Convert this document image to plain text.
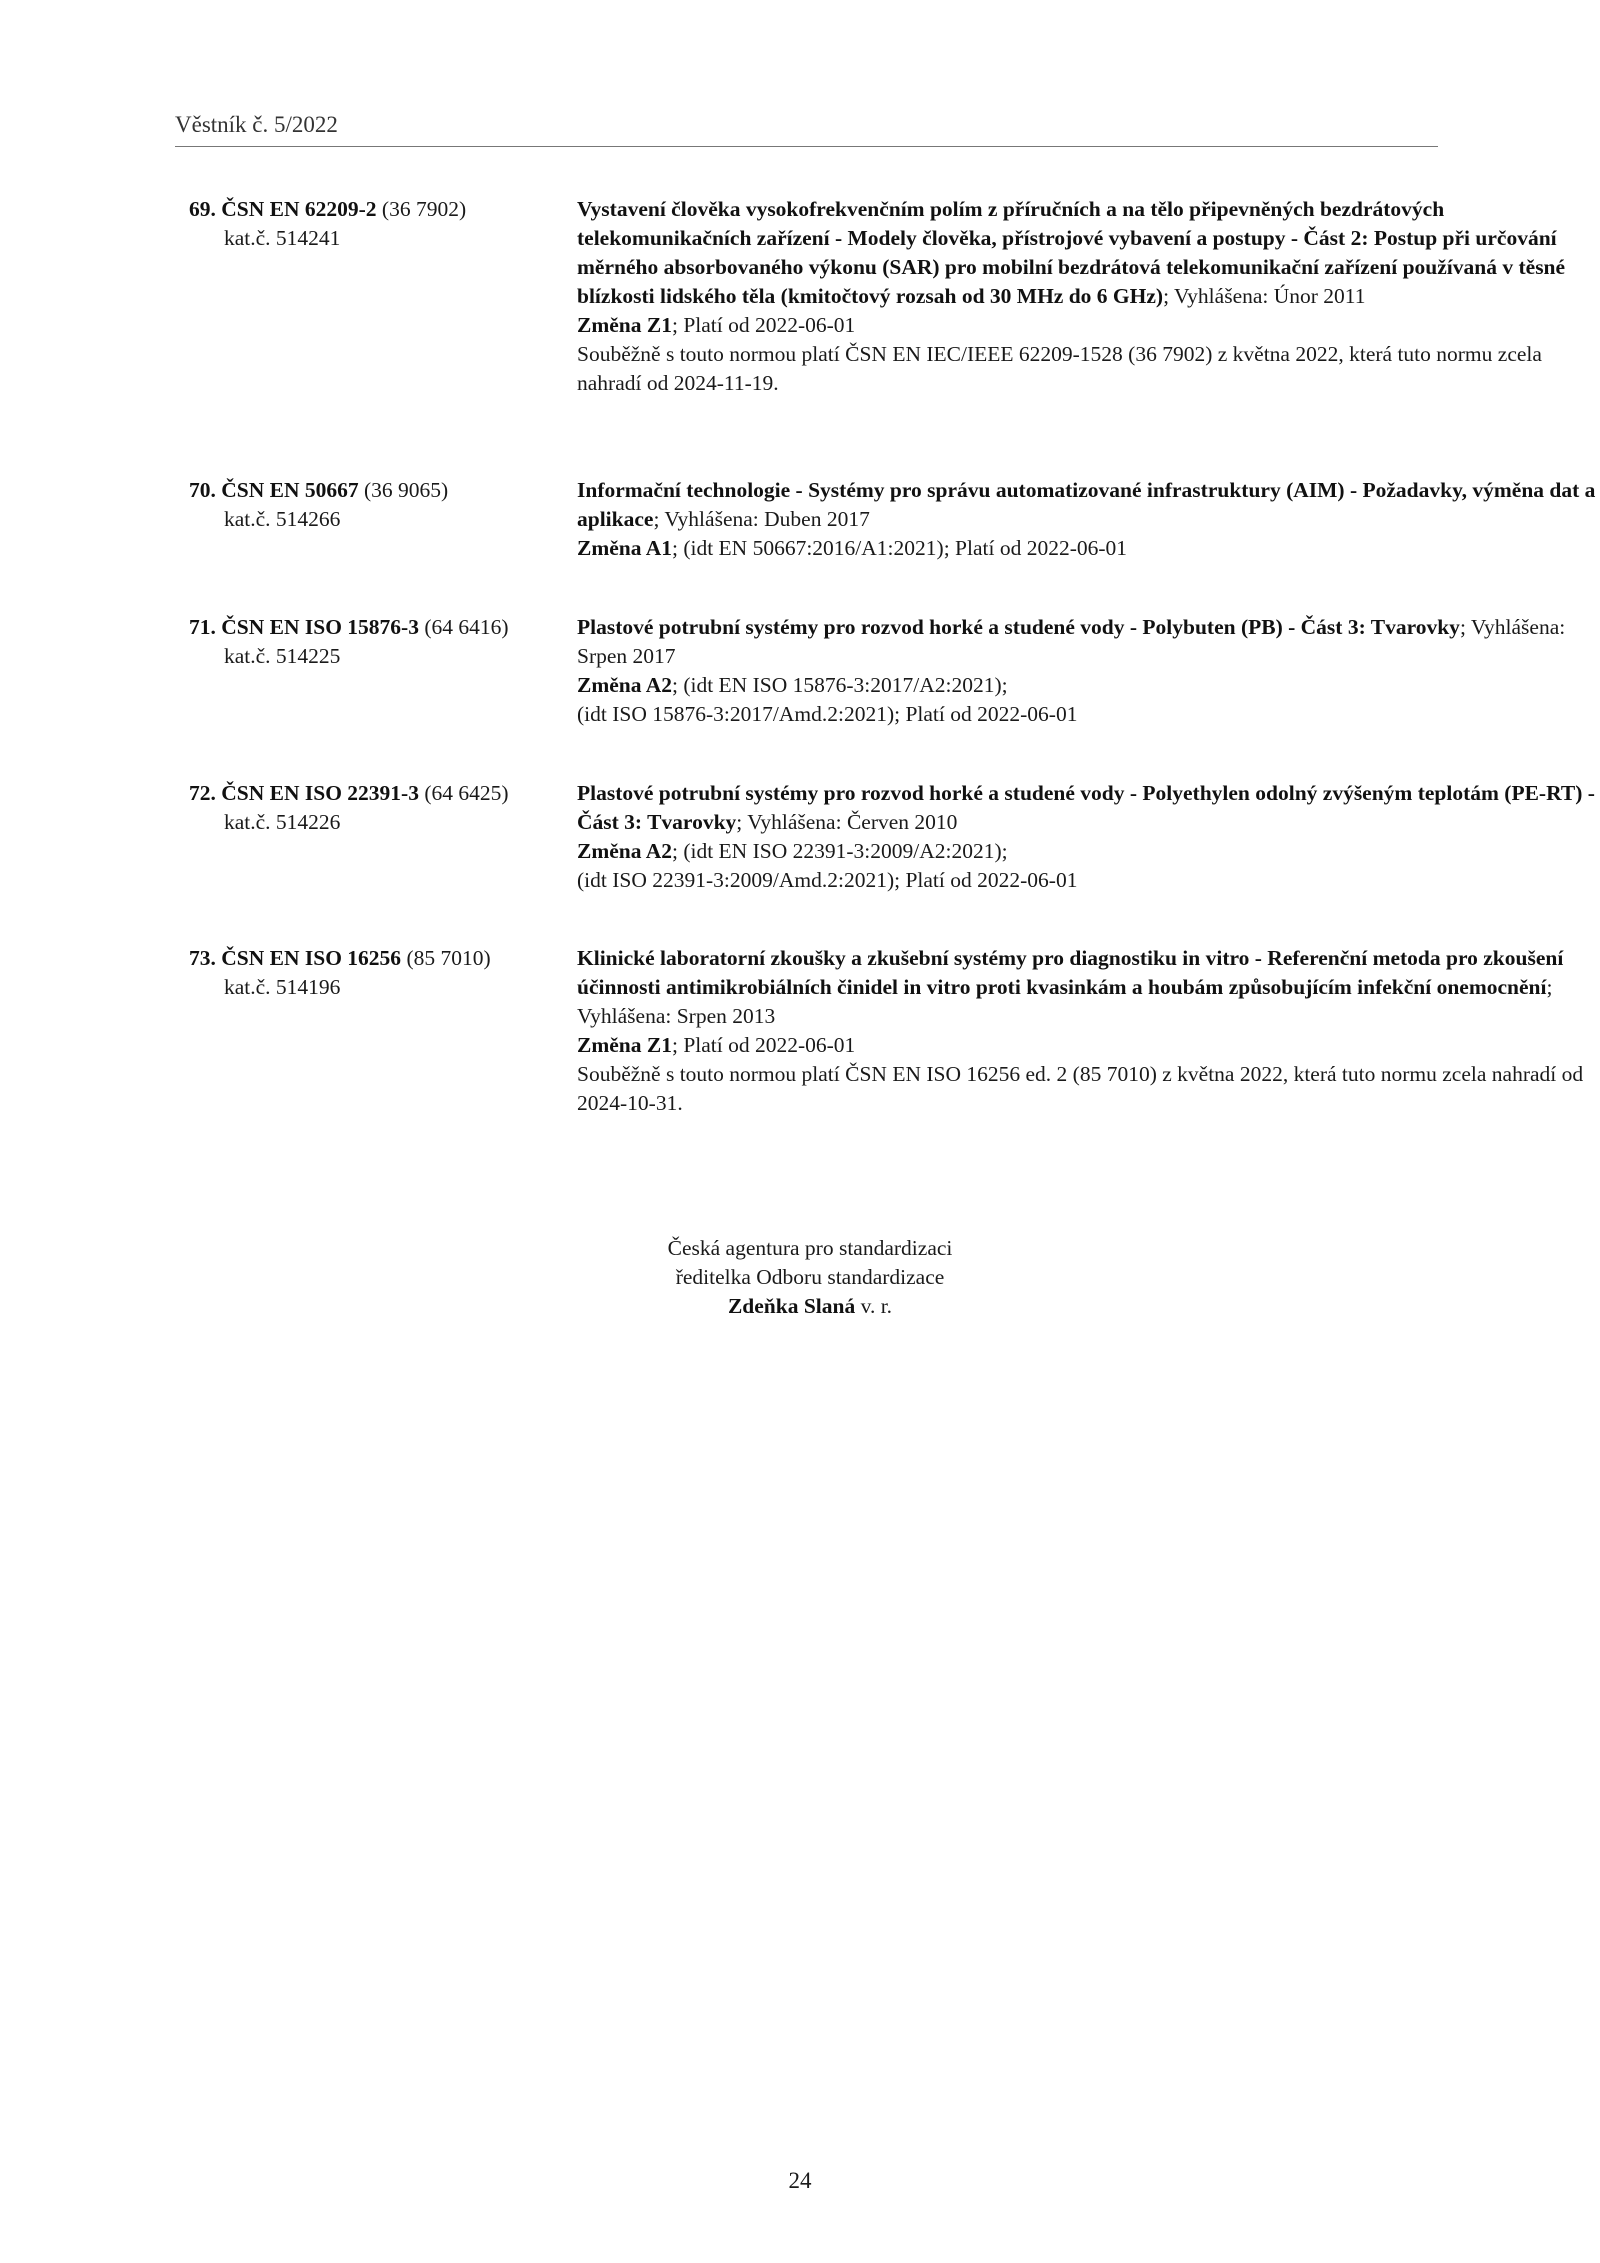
Věstník č. 5/2022
69. ČSN EN 62209-2 (36 7902)
kat.č. 514241
Vystavení člověka vysokofrekvenčním polím z příručních a na tělo připevněných bezdrátových telekomunikačních zařízení - Modely člověka, přístrojové vybavení a postupy - Část 2: Postup při určování měrného absorbovaného výkonu (SAR) pro mobilní bezdrátová telekomunikační zařízení používaná v těsné blízkosti lidského těla (kmitočtový rozsah od 30 MHz do 6 GHz); Vyhlášena: Únor 2011
Změna Z1; Platí od 2022-06-01
Souběžně s touto normou platí ČSN EN IEC/IEEE 62209-1528 (36 7902) z května 2022, která tuto normu zcela nahradí od 2024-11-19.
70. ČSN EN 50667 (36 9065)
kat.č. 514266
Informační technologie - Systémy pro správu automatizované infrastruktury (AIM) - Požadavky, výměna dat a aplikace; Vyhlášena: Duben 2017
Změna A1; (idt EN 50667:2016/A1:2021); Platí od 2022-06-01
71. ČSN EN ISO 15876-3 (64 6416)
kat.č. 514225
Plastové potrubní systémy pro rozvod horké a studené vody - Polybuten (PB) - Část 3: Tvarovky; Vyhlášena: Srpen 2017
Změna A2; (idt EN ISO 15876-3:2017/A2:2021);
(idt ISO 15876-3:2017/Amd.2:2021); Platí od 2022-06-01
72. ČSN EN ISO 22391-3 (64 6425)
kat.č. 514226
Plastové potrubní systémy pro rozvod horké a studené vody - Polyethylen odolný zvýšeným teplotám (PE-RT) - Část 3: Tvarovky; Vyhlášena: Červen 2010
Změna A2; (idt EN ISO 22391-3:2009/A2:2021);
(idt ISO 22391-3:2009/Amd.2:2021); Platí od 2022-06-01
73. ČSN EN ISO 16256 (85 7010)
kat.č. 514196
Klinické laboratorní zkoušky a zkušební systémy pro diagnostiku in vitro - Referenční metoda pro zkoušení účinnosti antimikrobiálních činidel in vitro proti kvasinkám a houbám způsobujícím infekční onemocnění; Vyhlášena: Srpen 2013
Změna Z1; Platí od 2022-06-01
Souběžně s touto normou platí ČSN EN ISO 16256 ed. 2 (85 7010) z května 2022, která tuto normu zcela nahradí od 2024-10-31.
Česká agentura pro standardizaci
ředitelka Odboru standardizace
Zdeňka Slaná v. r.
24
